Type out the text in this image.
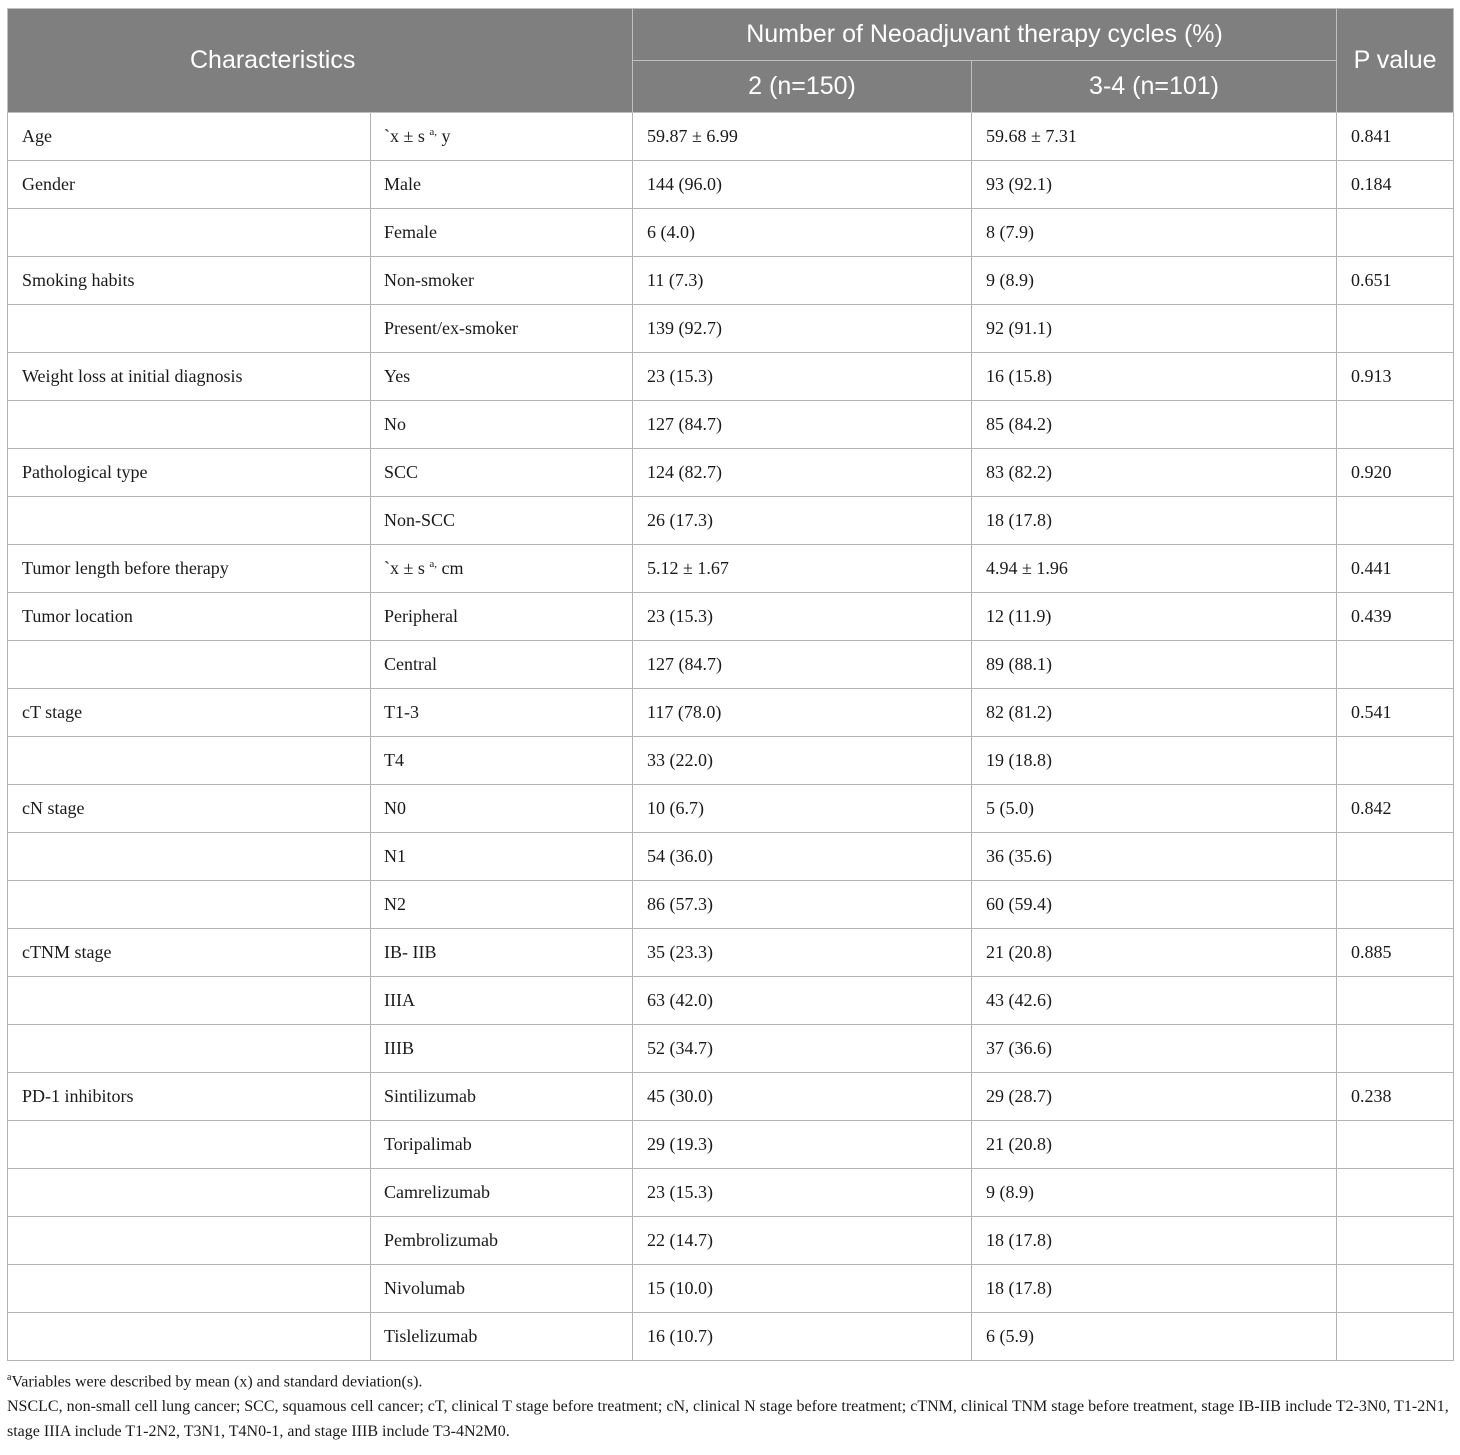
Characteristics		Number of Neoadjuvant therapy cycles (%)		P value
		2 (n=150)	3-4 (n=101)	
Age	`x ± s $^{a,}$ y	59.87 ± 6.99	59.68 ± 7.31	0.841
Gender	Male	144 (96.0)	93 (92.1)	0.184
	Female	6 (4.0)	8 (7.9)	
Smoking habits	Non-smoker	11 (7.3)	9 (8.9)	0.651
	Present/ex-smoker	139 (92.7)	92 (91.1)	
Weight loss at initial diagnosis	Yes	23 (15.3)	16 (15.8)	0.913
	No	127 (84.7)	85 (84.2)	
Pathological type	SCC	124 (82.7)	83 (82.2)	0.920
	Non-SCC	26 (17.3)	18 (17.8)	
Tumor length before therapy	`x ± s $^{a,}$ cm	5.12 ± 1.67	4.94 ± 1.96	0.441
Tumor location	Peripheral	23 (15.3)	12 (11.9)	0.439
	Central	127 (84.7)	89 (88.1)	
cT stage	T1-3	117 (78.0)	82 (81.2)	0.541
	T4	33 (22.0)	19 (18.8)	
cN stage	N0	10 (6.7)	5 (5.0)	0.842
	N1	54 (36.0)	36 (35.6)	
	N2	86 (57.3)	60 (59.4)	
cTNM stage	IB- IIB	35 (23.3)	21 (20.8)	0.885
	IIIA	63 (42.0)	43 (42.6)	
	IIIB	52 (34.7)	37 (36.6)	
PD-1 inhibitors	Sintilizumab	45 (30.0)	29 (28.7)	0.238
	Toripalimab	29 (19.3)	21 (20.8)	
	Camrelizumab	23 (15.3)	9 (8.9)	
	Pembrolizumab	22 (14.7)	18 (17.8)	
	Nivolumab	15 (10.0)	18 (17.8)	
	Tislelizumab	16 (10.7)	6 (5.9)	
$^a$Variables were described by mean (x) and standard deviation(s).
NSCLC, non-small cell lung cancer; SCC, squamous cell cancer; cT, clinical T stage before treatment; cN, clinical N stage before treatment; cTNM, clinical TNM stage before treatment, stage IB-IIB include T2-3N0, T1-2N1, stage IIIA include T1-2N2, T3N1, T4N0-1, and stage IIIB include T3-4N2M0.
